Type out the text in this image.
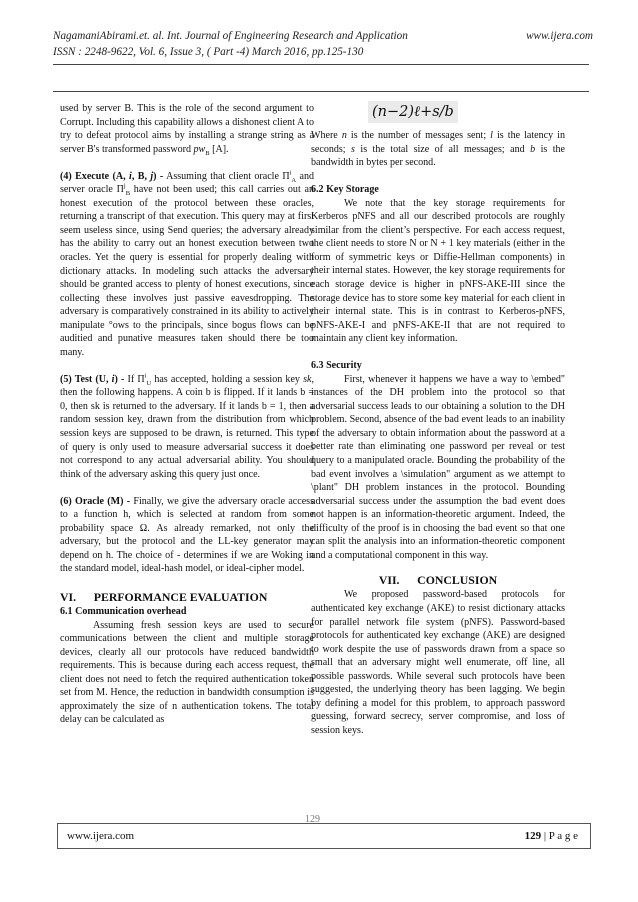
NagamaniAbirami.et. al. Int. Journal of Engineering Research and Application	www.ijera.com
ISSN : 2248-9622, Vol. 6, Issue 3, ( Part -4) March 2016, pp.125-130

used by server B. This is the role of the second argument to Corrupt. Including this capability allows a dishonest client A to try to defeat protocol aims by installing a strange string as a server B's transformed password $pw_B$ [A].

(4) Execute (A, i, B, j) - Assuming that client oracle $\Pi^i_A$ and server oracle $\Pi^j_B$ have not been used; this call carries out an honest execution of the protocol between these oracles, returning a transcript of that execution. This query may at first seem useless since, using Send queries; the adversary already has the ability to carry out an honest execution between two oracles. Yet the query is essential for properly dealing with dictionary attacks. In modeling such attacks the adversary should be granted access to plenty of honest executions, since collecting these involves just passive eavesdropping. The adversary is comparatively constrained in its ability to actively manipulate °ows to the principals, since bogus flows can be auditied and punative measures taken should there be too many.

(5) Test (U, i) - If $\Pi^i_U$ has accepted, holding a session key sk, then the following happens. A coin b is flipped. If it lands b = 0, then sk is returned to the adversary. If it lands b = 1, then a random session key, drawn from the distribution from which session keys are supposed to be drawn, is returned. This type of query is only used to measure adversarial success it does not correspond to any actual adversarial ability. You should think of the adversary asking this query just once.

(6) Oracle (M) - Finally, we give the adversary oracle access to a function h, which is selected at random from some probability space Ω. As already remarked, not only the adversary, but the protocol and the LL-key generator may depend on h. The choice of - determines if we are Woking in the standard model, ideal-hash model, or ideal-cipher model.

VI.      PERFORMANCE EVALUATION
6.1 Communication overhead

Assuming fresh session keys are used to secure communications between the client and multiple storage devices, clearly all our protocols have reduced bandwidth requirements. This is because during each access request, the client does not need to fetch the required authentication token set from M. Hence, the reduction in bandwidth consumption is approximately the size of n authentication tokens. The total delay can be calculated as

(n−2)ℓ+s/b

Where n is the number of messages sent; l is the latency in seconds; s is the total size of all messages; and b is the bandwidth in bytes per second.

6.2 Key Storage

We note that the key storage requirements for Kerberos pNFS and all our described protocols are roughly similar from the client’s perspective. For each access request, the client needs to store N or N + 1 key materials (either in the form of symmetric keys or Diffie-Hellman components) in their internal states. However, the key storage requirements for each storage device is higher in pNFS-AKE-III since the storage device has to store some key material for each client in their internal state. This is in contrast to Kerberos-pNFS, pNFS-AKE-I and pNFS-AKE-II that are not required to maintain any client key information.

6.3 Security

First, whenever it happens we have a way to \embed" instances of the DH problem into the protocol so that adversarial success leads to our obtaining a solution to the DH problem. Second, absence of the bad event leads to an inability of the adversary to obtain information about the password at a better rate than eliminating one password per reveal or test query to a manipulated oracle. Bounding the probability of the bad event involves a \simulation" argument as we attempt to \plant" DH problem instances in the protocol. Bounding adversarial success under the assumption the bad event does not happen is an information-theoretic argument. Indeed, the difficulty of the proof is in choosing the bad event so that one can split the analysis into an information-theoretic component and a computational component in this way.

VII.      CONCLUSION

We proposed password-based protocols for authenticated key exchange (AKE) to resist dictionary attacks for parallel network file system (pNFS). Password-based protocols for authenticated key exchange (AKE) are designed to work despite the use of passwords drawn from a space so small that an adversary might well enumerate, off line, all possible passwords. While several such protocols have been suggested, the underlying theory has been lagging. We begin by defining a model for this problem, to approach password guessing, forward secrecy, server compromise, and loss of session keys.

129
www.ijera.com	129 | P a g e
